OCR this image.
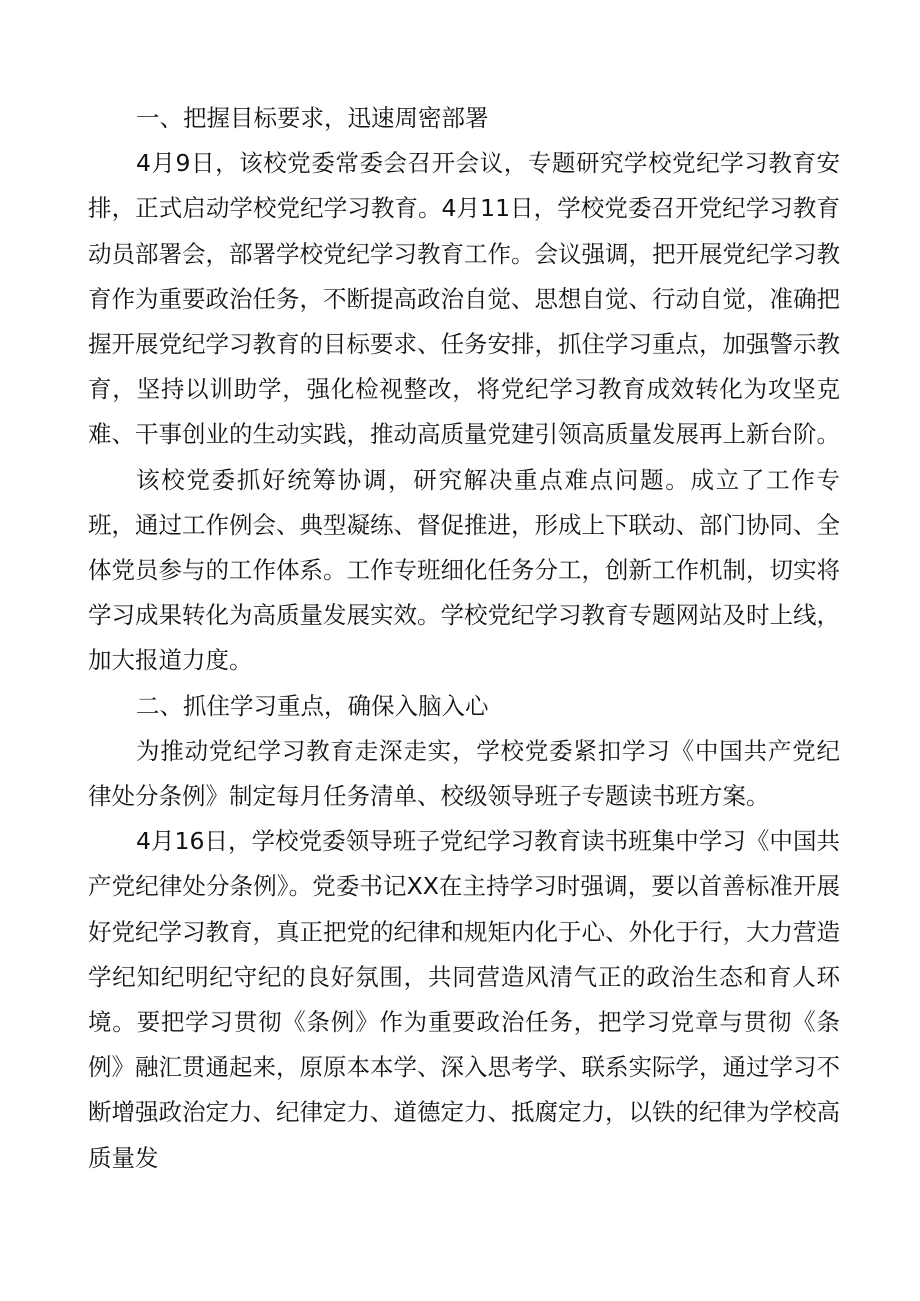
一、把握目标要求，迅速周密部署

4月9日，该校党委常委会召开会议，专题研究学校党纪学习教育安排，正式启动学校党纪学习教育。4月11日，学校党委召开党纪学习教育动员部署会，部署学校党纪学习教育工作。会议强调，把开展党纪学习教育作为重要政治任务，不断提高政治自觉、思想自觉、行动自觉，准确把握开展党纪学习教育的目标要求、任务安排，抓住学习重点，加强警示教育，坚持以训助学，强化检视整改，将党纪学习教育成效转化为攻坚克难、干事创业的生动实践，推动高质量党建引领高质量发展再上新台阶。

该校党委抓好统筹协调，研究解决重点难点问题。成立了工作专班，通过工作例会、典型凝练、督促推进，形成上下联动、部门协同、全体党员参与的工作体系。工作专班细化任务分工，创新工作机制，切实将学习成果转化为高质量发展实效。学校党纪学习教育专题网站及时上线，加大报道力度。

二、抓住学习重点，确保入脑入心

为推动党纪学习教育走深走实，学校党委紧扣学习《中国共产党纪律处分条例》制定每月任务清单、校级领导班子专题读书班方案。

4月16日，学校党委领导班子党纪学习教育读书班集中学习《中国共产党纪律处分条例》。党委书记XX在主持学习时强调，要以首善标准开展好党纪学习教育，真正把党的纪律和规矩内化于心、外化于行，大力营造学纪知纪明纪守纪的良好氛围，共同营造风清气正的政治生态和育人环境。要把学习贯彻《条例》作为重要政治任务，把学习党章与贯彻《条例》融汇贯通起来，原原本本学、深入思考学、联系实际学，通过学习不断增强政治定力、纪律定力、道德定力、抵腐定力，以铁的纪律为学校高质量发
